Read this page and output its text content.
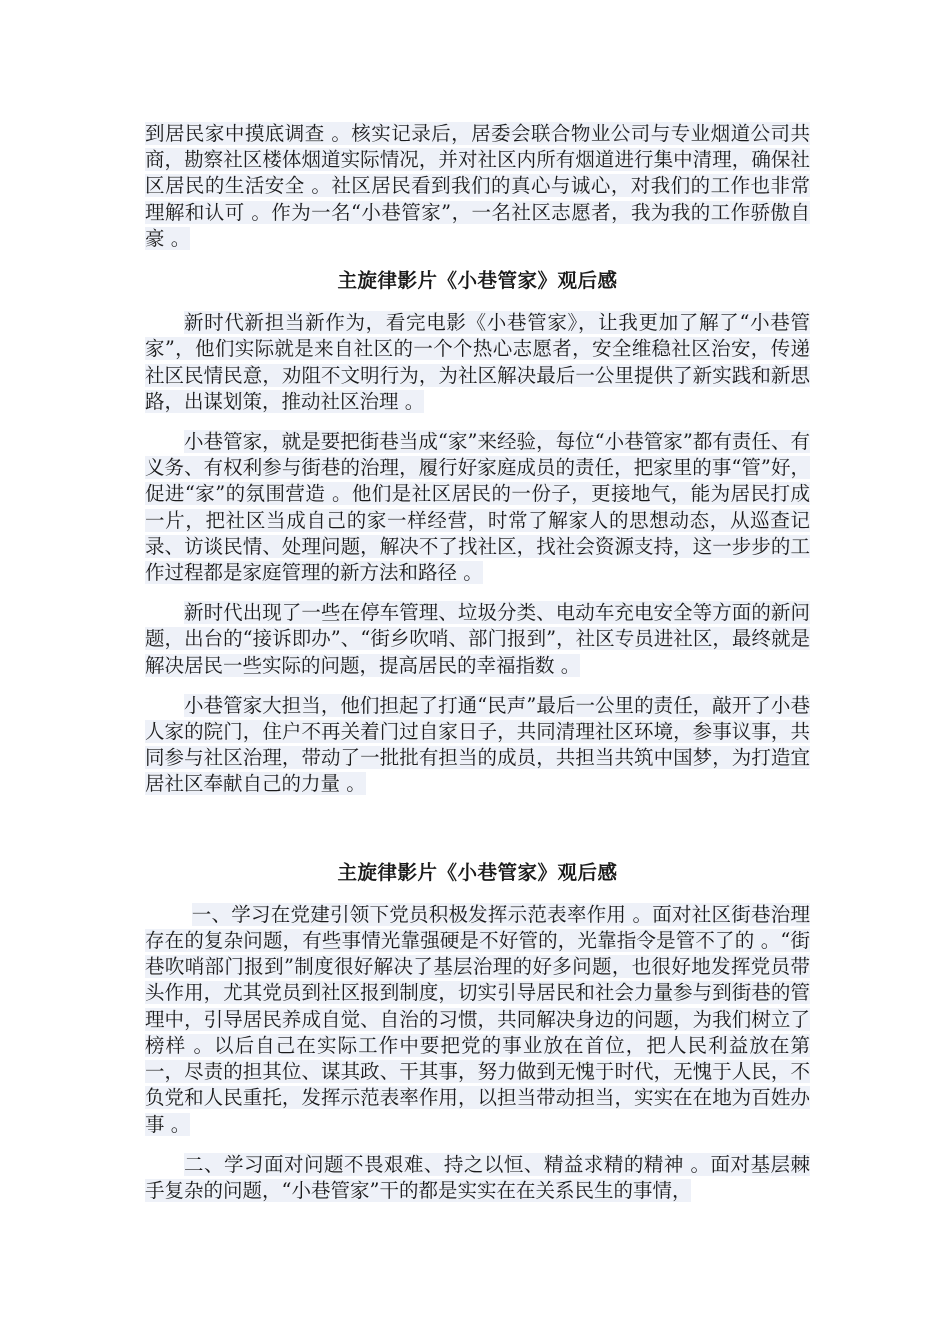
到居民家中摸底调查 。核实记录后，居委会联合物业公司与专业烟道公司共商，勘察社区楼体烟道实际情况，并对社区内所有烟道进行集中清理，确保社区居民的生活安全 。社区居民看到我们的真心与诚心，对我们的工作也非常理解和认可 。作为一名“小巷管家”，一名社区志愿者，我为我的工作骄傲自豪 。

主旋律影片《小巷管家》观后感

新时代新担当新作为，看完电影《小巷管家》，让我更加了解了“小巷管家”，他们实际就是来自社区的一个个热心志愿者，安全维稳社区治安，传递社区民情民意，劝阻不文明行为，为社区解决最后一公里提供了新实践和新思路，出谋划策，推动社区治理 。

小巷管家，就是要把街巷当成“家”来经验，每位“小巷管家”都有责任、有义务、有权利参与街巷的治理，履行好家庭成员的责任，把家里的事“管”好，促进“家”的氛围营造 。他们是社区居民的一份子，更接地气，能为居民打成一片，把社区当成自己的家一样经营，时常了解家人的思想动态，从巡查记录、访谈民情、处理问题，解决不了找社区，找社会资源支持，这一步步的工作过程都是家庭管理的新方法和路径 。

新时代出现了一些在停车管理、垃圾分类、电动车充电安全等方面的新问题，出台的“接诉即办”、“街乡吹哨、部门报到”，社区专员进社区，最终就是解决居民一些实际的问题，提高居民的幸福指数 。

小巷管家大担当，他们担起了打通“民声”最后一公里的责任，敲开了小巷人家的院门，住户不再关着门过自家日子，共同清理社区环境，参事议事，共同参与社区治理，带动了一批批有担当的成员，共担当共筑中国梦，为打造宜居社区奉献自己的力量 。

主旋律影片《小巷管家》观后感

一、学习在党建引领下党员积极发挥示范表率作用 。面对社区街巷治理存在的复杂问题，有些事情光靠强硬是不好管的，光靠指令是管不了的 。“街巷吹哨部门报到”制度很好解决了基层治理的好多问题，也很好地发挥党员带头作用，尤其党员到社区报到制度，切实引导居民和社会力量参与到街巷的管理中，引导居民养成自觉、自治的习惯，共同解决身边的问题，为我们树立了榜样 。以后自己在实际工作中要把党的事业放在首位，把人民利益放在第一，尽责的担其位、谋其政、干其事，努力做到无愧于时代，无愧于人民，不负党和人民重托，发挥示范表率作用，以担当带动担当，实实在在地为百姓办事 。

二、学习面对问题不畏艰难、持之以恒、精益求精的精神 。面对基层棘手复杂的问题，“小巷管家”干的都是实实在在关系民生的事情，
